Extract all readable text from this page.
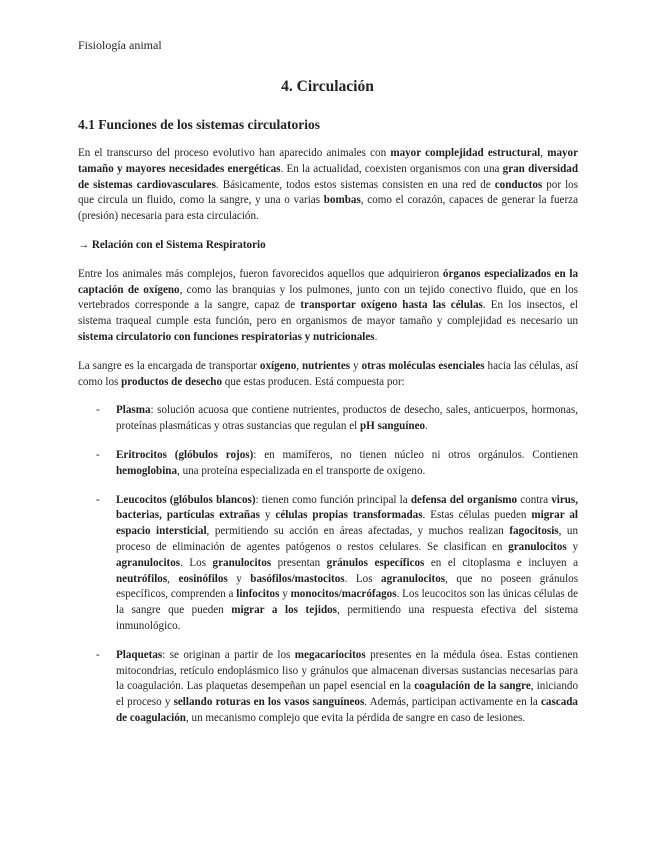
Fisiología animal
4. Circulación
4.1 Funciones de los sistemas circulatorios

En el transcurso del proceso evolutivo han aparecido animales con mayor complejidad estructural, mayor tamaño y mayores necesidades energéticas. En la actualidad, coexisten organismos con una gran diversidad de sistemas cardiovasculares. Básicamente, todos estos sistemas consisten en una red de conductos por los que circula un fluido, como la sangre, y una o varias bombas, como el corazón, capaces de generar la fuerza (presión) necesaria para esta circulación.

→ Relación con el Sistema Respiratorio

Entre los animales más complejos, fueron favorecidos aquellos que adquirieron órganos especializados en la captación de oxígeno, como las branquias y los pulmones, junto con un tejido conectivo fluido, que en los vertebrados corresponde a la sangre, capaz de transportar oxígeno hasta las células. En los insectos, el sistema traqueal cumple esta función, pero en organismos de mayor tamaño y complejidad es necesario un sistema circulatorio con funciones respiratorias y nutricionales.

La sangre es la encargada de transportar oxígeno, nutrientes y otras moléculas esenciales hacia las células, así como los productos de desecho que estas producen. Está compuesta por:

- Plasma: solución acuosa que contiene nutrientes, productos de desecho, sales, anticuerpos, hormonas, proteínas plasmáticas y otras sustancias que regulan el pH sanguíneo.
- Eritrocitos (glóbulos rojos): en mamíferos, no tienen núcleo ni otros orgánulos. Contienen hemoglobina, una proteína especializada en el transporte de oxígeno.
- Leucocitos (glóbulos blancos): tienen como función principal la defensa del organismo contra virus, bacterias, partículas extrañas y células propias transformadas. Estas células pueden migrar al espacio intersticial, permitiendo su acción en áreas afectadas, y muchos realizan fagocitosis, un proceso de eliminación de agentes patógenos o restos celulares. Se clasifican en granulocitos y agranulocitos. Los granulocitos presentan gránulos específicos en el citoplasma e incluyen a neutrófilos, eosinófilos y basófilos/mastocitos. Los agranulocitos, que no poseen gránulos específicos, comprenden a linfocitos y monocitos/macrófagos. Los leucocitos son las únicas células de la sangre que pueden migrar a los tejidos, permitiendo una respuesta efectiva del sistema inmunológico.
- Plaquetas: se originan a partir de los megacariocitos presentes en la médula ósea. Estas contienen mitocondrias, retículo endoplásmico liso y gránulos que almacenan diversas sustancias necesarias para la coagulación. Las plaquetas desempeñan un papel esencial en la coagulación de la sangre, iniciando el proceso y sellando roturas en los vasos sanguíneos. Además, participan activamente en la cascada de coagulación, un mecanismo complejo que evita la pérdida de sangre en caso de lesiones.
